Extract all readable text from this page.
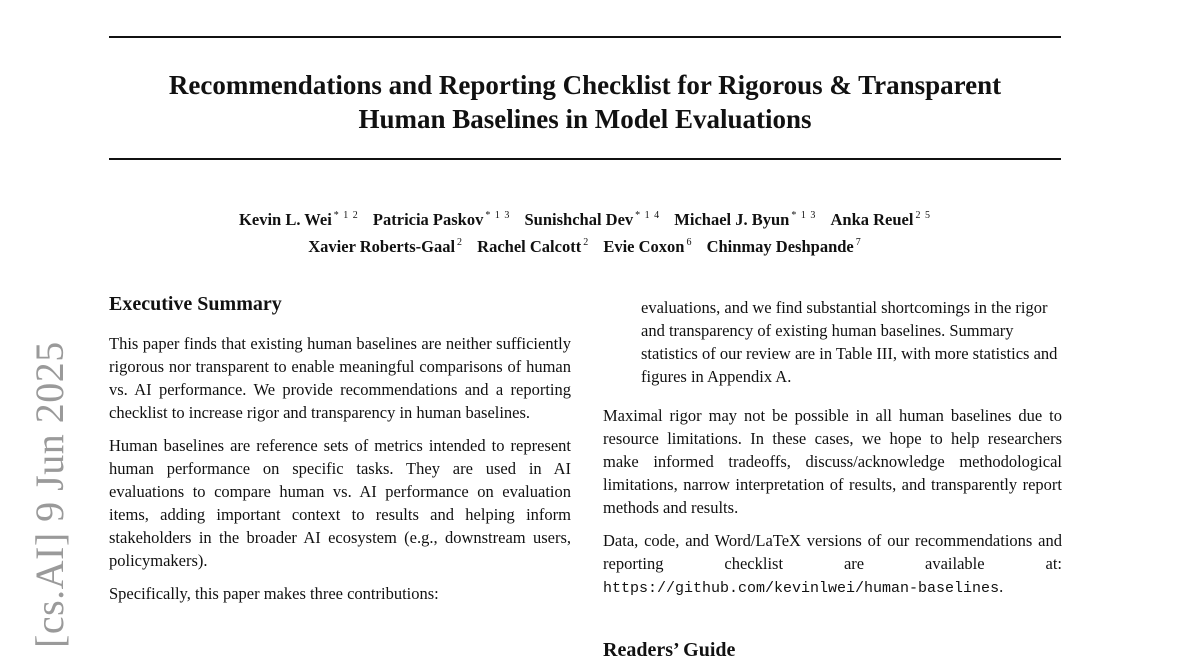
Recommendations and Reporting Checklist for Rigorous & Transparent
Human Baselines in Model Evaluations
Kevin L. Wei $^{* 1 2}$ Patricia Paskov $^{* 1 3}$ Sunishchal Dev $^{* 1 4}$ Michael J. Byun $^{* 1 3}$ Anka Reuel $^{2 5}$
Xavier Roberts-Gaal $^2$ Rachel Calcott $^2$ Evie Coxon $^6$ Chinmay Deshpande $^7$
[cs.AI] 9 Jun 2025
Executive Summary

This paper finds that existing human baselines are neither sufficiently rigorous nor transparent to enable meaningful comparisons of human vs. AI performance. We provide recommendations and a reporting checklist to increase rigor and transparency in human baselines.

Human baselines are reference sets of metrics intended to represent human performance on specific tasks. They are used in AI evaluations to compare human vs. AI performance on evaluation items, adding important context to results and helping inform stakeholders in the broader AI ecosystem (e.g., downstream users, policymakers).

Specifically, this paper makes three contributions:

evaluations, and we find substantial shortcomings in the rigor and transparency of existing human baselines. Summary statistics of our review are in Table III, with more statistics and figures in Appendix A.

Maximal rigor may not be possible in all human baselines due to resource limitations. In these cases, we hope to help researchers make informed tradeoffs, discuss/acknowledge methodological limitations, narrow interpretation of results, and transparently report methods and results.

Data, code, and Word/LaTeX versions of our recommendations and reporting checklist are available at: https://github.com/kevinlwei/human-baselines.

Readers’ Guide
